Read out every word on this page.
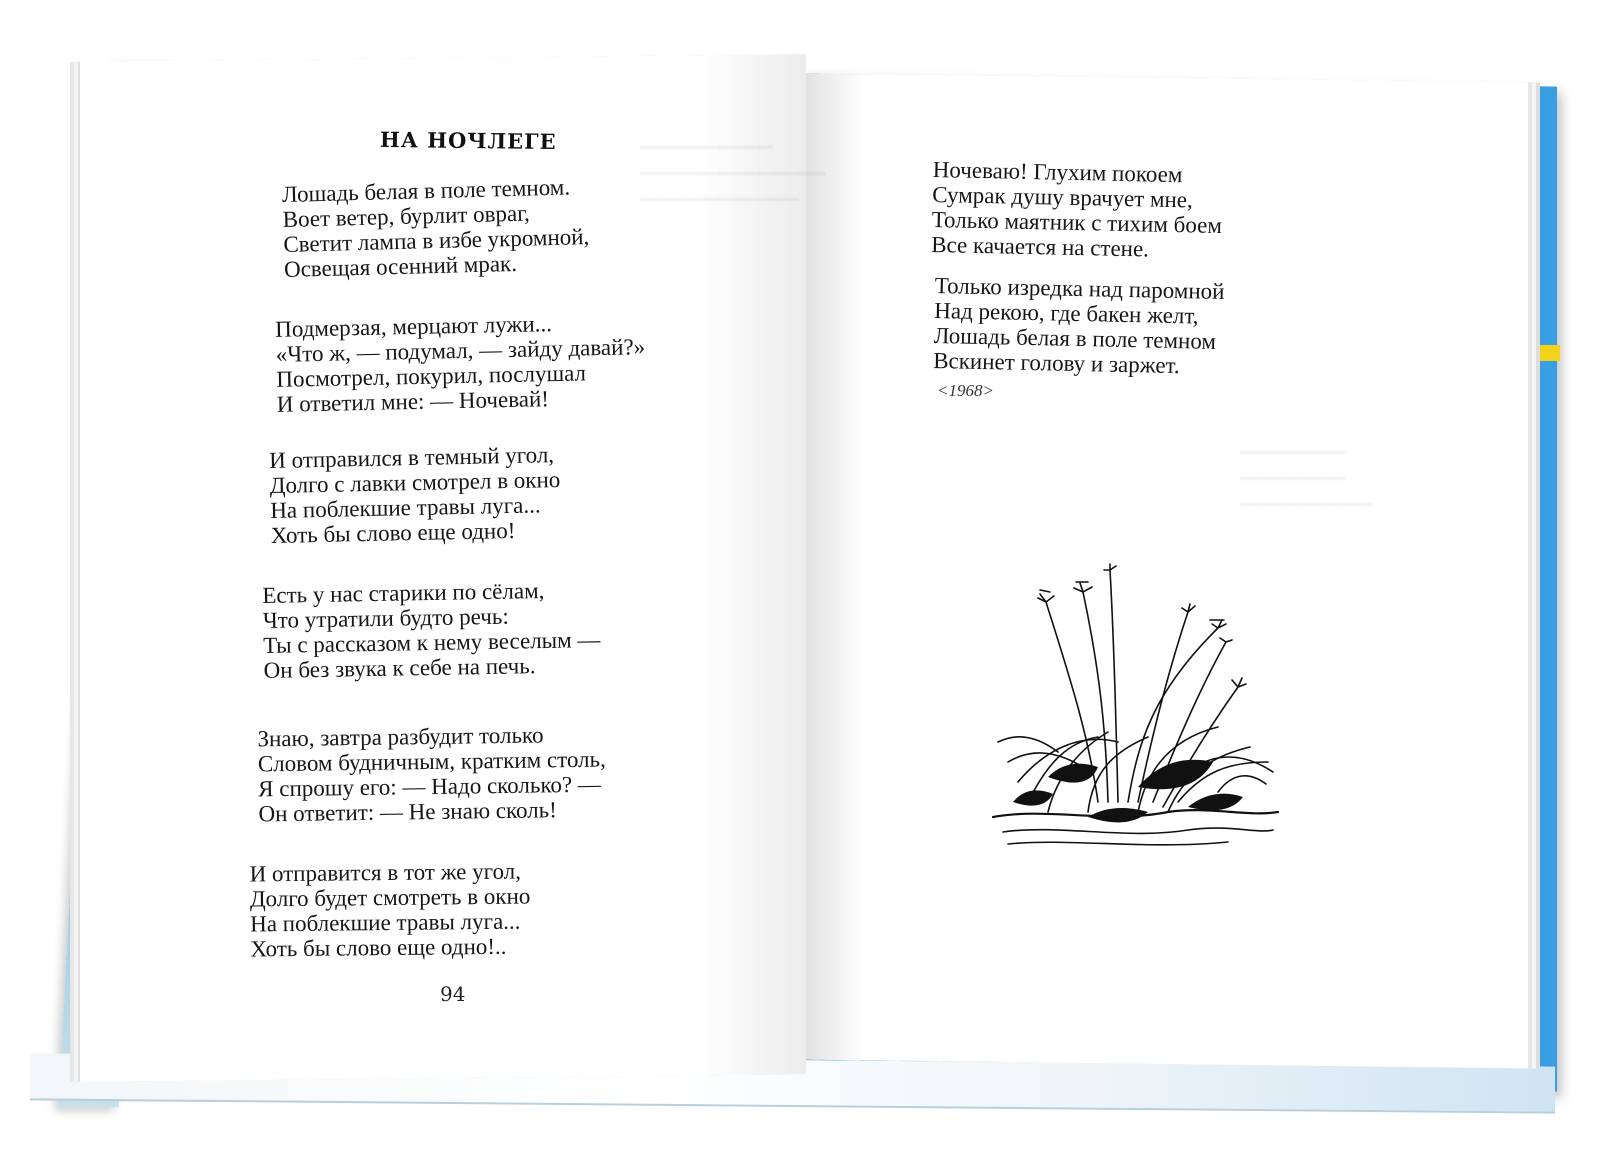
НА НОЧЛЕГЕ
Лошадь белая в поле темном.
Воет ветер, бурлит овраг,
Светит лампа в избе укромной,
Освещая осенний мрак.
Подмерзая, мерцают лужи...
«Что ж, — подумал, — зайду давай?»
Посмотрел, покурил, послушал
И ответил мне: — Ночевай!
И отправился в темный угол,
Долго с лавки смотрел в окно
На поблекшие травы луга...
Хоть бы слово еще одно!
Есть у нас старики по сёлам,
Что утратили будто речь:
Ты с рассказом к нему веселым —
Он без звука к себе на печь.
Знаю, завтра разбудит только
Словом будничным, кратким столь,
Я спрошу его: — Надо сколько? —
Он ответит: — Не знаю сколь!
И отправится в тот же угол,
Долго будет смотреть в окно
На поблекшие травы луга...
Хоть бы слово еще одно!..
94
Ночеваю! Глухим покоем
Сумрак душу врачует мне,
Только маятник с тихим боем
Все качается на стене.
Только изредка над паромной
Над рекою, где бакен желт,
Лошадь белая в поле темном
Вскинет голову и заржет.
<1968>
